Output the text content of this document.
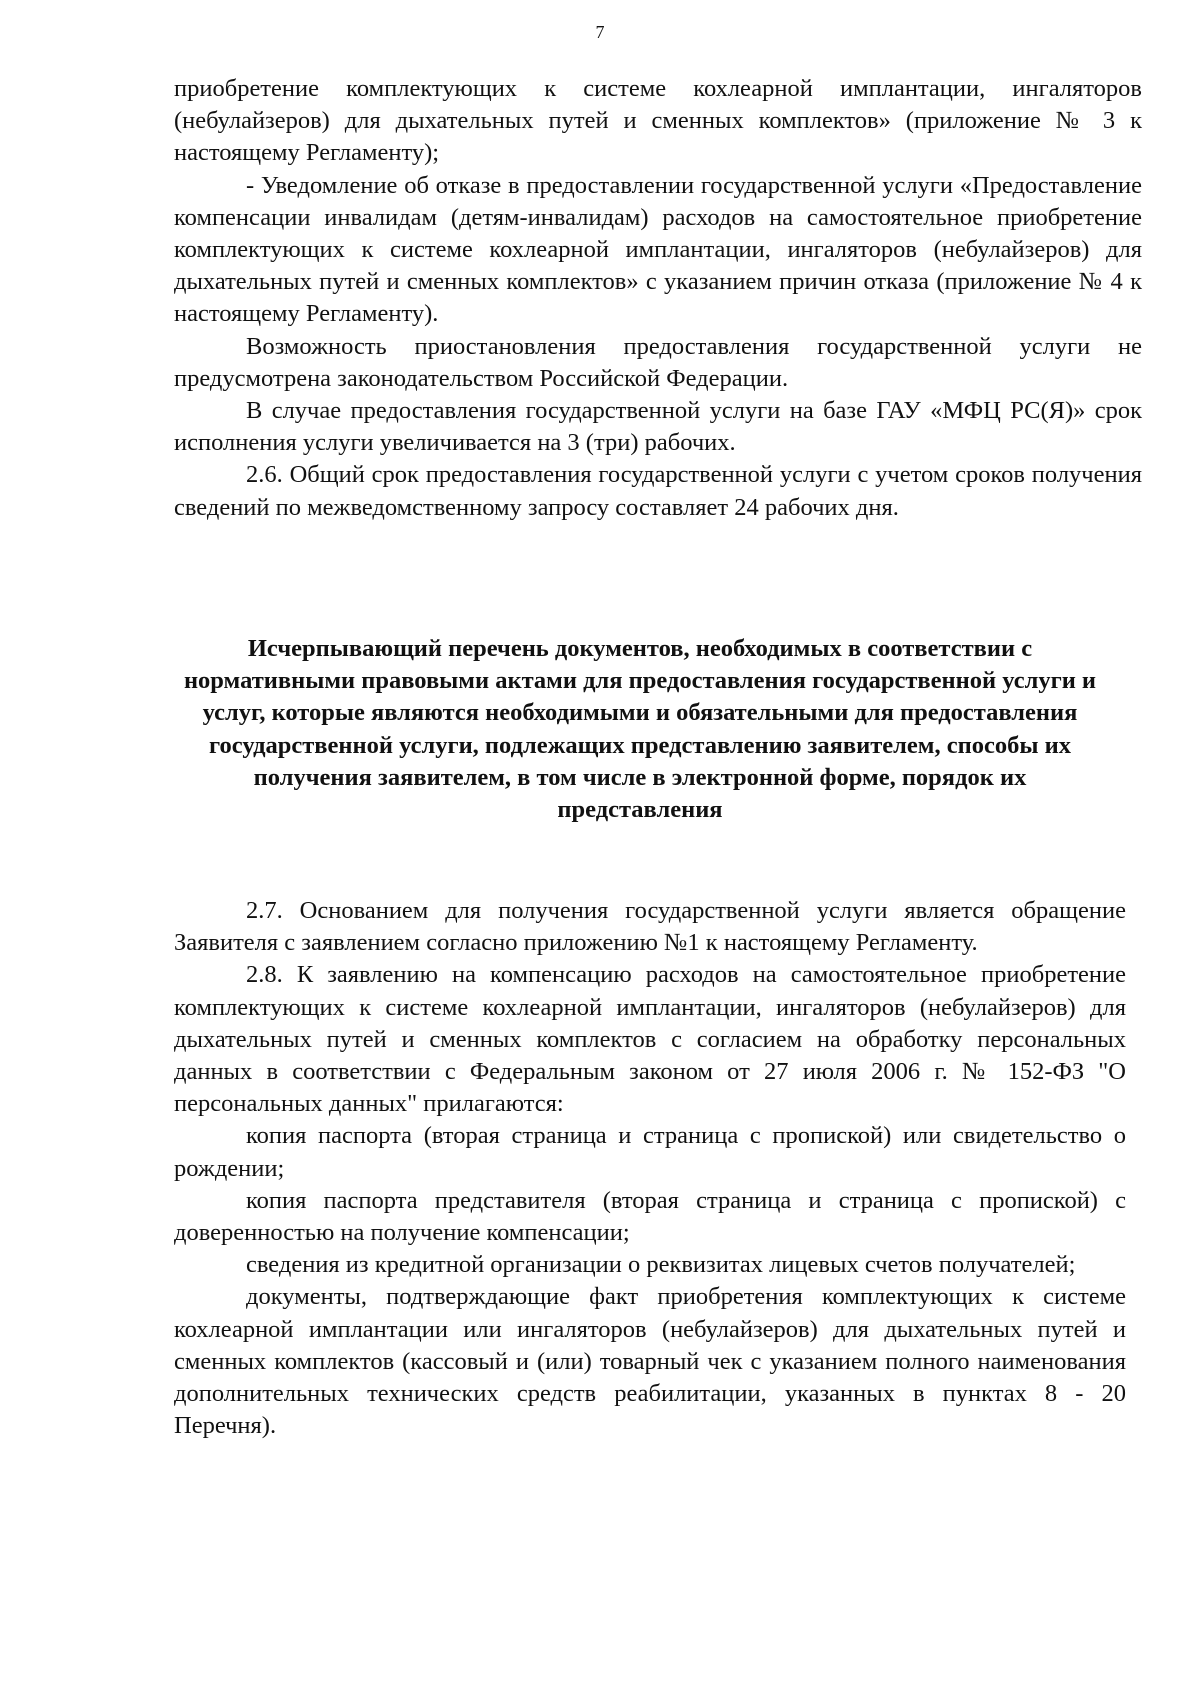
7

приобретение комплектующих к системе кохлеарной имплантации, ингаляторов (небулайзеров) для дыхательных путей и сменных комплектов» (приложение № 3 к настоящему Регламенту);

- Уведомление об отказе в предоставлении государственной услуги «Предоставление компенсации инвалидам (детям-инвалидам) расходов на самостоятельное приобретение комплектующих к системе кохлеарной имплантации, ингаляторов (небулайзеров) для дыхательных путей и сменных комплектов» с указанием причин отказа (приложение № 4 к настоящему Регламенту).

Возможность приостановления предоставления государственной услуги не предусмотрена законодательством Российской Федерации.

В случае предоставления государственной услуги на базе ГАУ «МФЦ РС(Я)» срок исполнения услуги увеличивается на 3 (три) рабочих.

2.6. Общий срок предоставления государственной услуги с учетом сроков получения сведений по межведомственному запросу составляет 24 рабочих дня.

Исчерпывающий перечень документов, необходимых в соответствии с нормативными правовыми актами для предоставления государственной услуги и услуг, которые являются необходимыми и обязательными для предоставления государственной услуги, подлежащих представлению заявителем, способы их получения заявителем, в том числе в электронной форме, порядок их представления

2.7. Основанием для получения государственной услуги является обращение Заявителя с заявлением согласно приложению №1 к настоящему Регламенту.

2.8. К заявлению на компенсацию расходов на самостоятельное приобретение комплектующих к системе кохлеарной имплантации, ингаляторов (небулайзеров) для дыхательных путей и сменных комплектов с согласием на обработку персональных данных в соответствии с Федеральным законом от 27 июля 2006 г. № 152-ФЗ "О персональных данных" прилагаются:

копия паспорта (вторая страница и страница с пропиской) или свидетельство о рождении;

копия паспорта представителя (вторая страница и страница с пропиской) с доверенностью на получение компенсации;

сведения из кредитной организации о реквизитах лицевых счетов получателей;

документы, подтверждающие факт приобретения комплектующих к системе кохлеарной имплантации или ингаляторов (небулайзеров) для дыхательных путей и сменных комплектов (кассовый и (или) товарный чек с указанием полного наименования дополнительных технических средств реабилитации, указанных в пунктах 8 - 20 Перечня).
